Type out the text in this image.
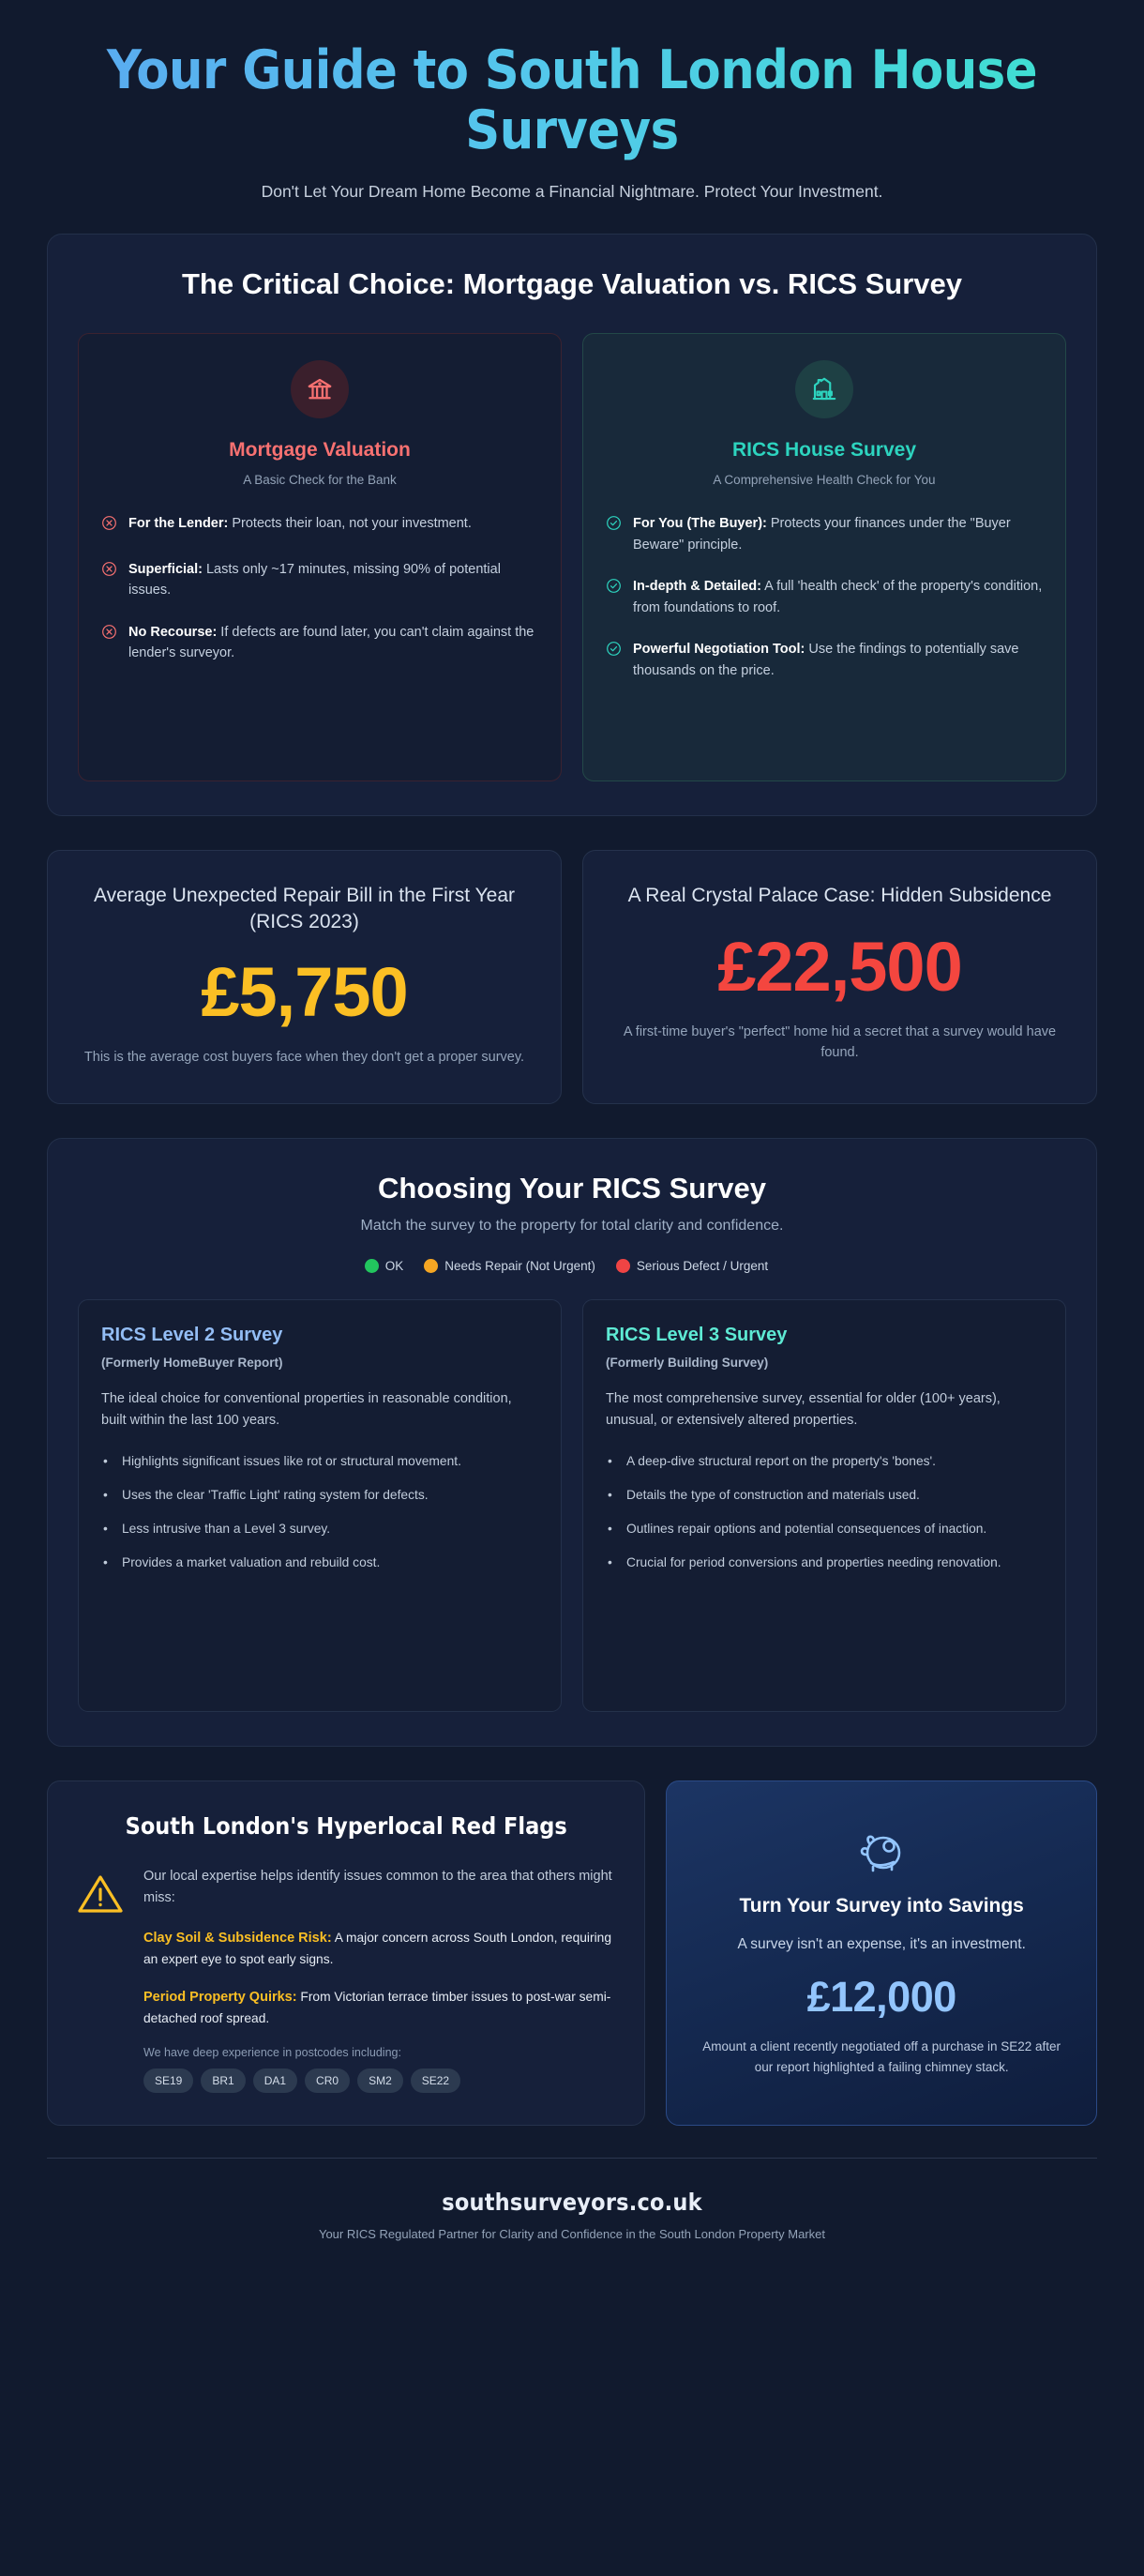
Your Guide to South London House Surveys

Don't Let Your Dream Home Become a Financial Nightmare. Protect Your Investment.

The Critical Choice: Mortgage Valuation vs. RICS Survey
Mortgage Valuation
A Basic Check for the Bank
For the Lender: Protects their loan, not your investment.
Superficial: Lasts only ~17 minutes, missing 90% of potential issues.
No Recourse: If defects are found later, you can't claim against the lender's surveyor.
RICS House Survey
A Comprehensive Health Check for You
For You (The Buyer): Protects your finances under the "Buyer Beware" principle.
In-depth & Detailed: A full 'health check' of the property's condition, from foundations to roof.
Powerful Negotiation Tool: Use the findings to potentially save thousands on the price.
Average Unexpected Repair Bill in the First Year (RICS 2023)
£5,750
This is the average cost buyers face when they don't get a proper survey.
A Real Crystal Palace Case: Hidden Subsidence
£22,500
A first-time buyer's "perfect" home hid a secret that a survey would have found.
Choosing Your RICS Survey

Match the survey to the property for total clarity and confidence.

OK	Needs Repair (Not Urgent)	Serious Defect / Urgent
RICS Level 2 Survey
(Formerly HomeBuyer Report)
The ideal choice for conventional properties in reasonable condition, built within the last 100 years.
• Highlights significant issues like rot or structural movement.
• Uses the clear 'Traffic Light' rating system for defects.
• Less intrusive than a Level 3 survey.
• Provides a market valuation and rebuild cost.
RICS Level 3 Survey
(Formerly Building Survey)
The most comprehensive survey, essential for older (100+ years), unusual, or extensively altered properties.
• A deep-dive structural report on the property's 'bones'.
• Details the type of construction and materials used.
• Outlines repair options and potential consequences of inaction.
• Crucial for period conversions and properties needing renovation.
South London's Hyperlocal Red Flags

Our local expertise helps identify issues common to the area that others might miss:

Clay Soil & Subsidence Risk: A major concern across South London, requiring an expert eye to spot early signs.

Period Property Quirks: From Victorian terrace timber issues to post-war semi-detached roof spread.

We have deep experience in postcodes including:

SE19	BR1	DA1	CR0	SM2	SE22
Turn Your Survey into Savings
A survey isn't an expense, it's an investment.
£12,000
Amount a client recently negotiated off a purchase in SE22 after our report highlighted a failing chimney stack.
southsurveyors.co.uk
Your RICS Regulated Partner for Clarity and Confidence in the South London Property Market
